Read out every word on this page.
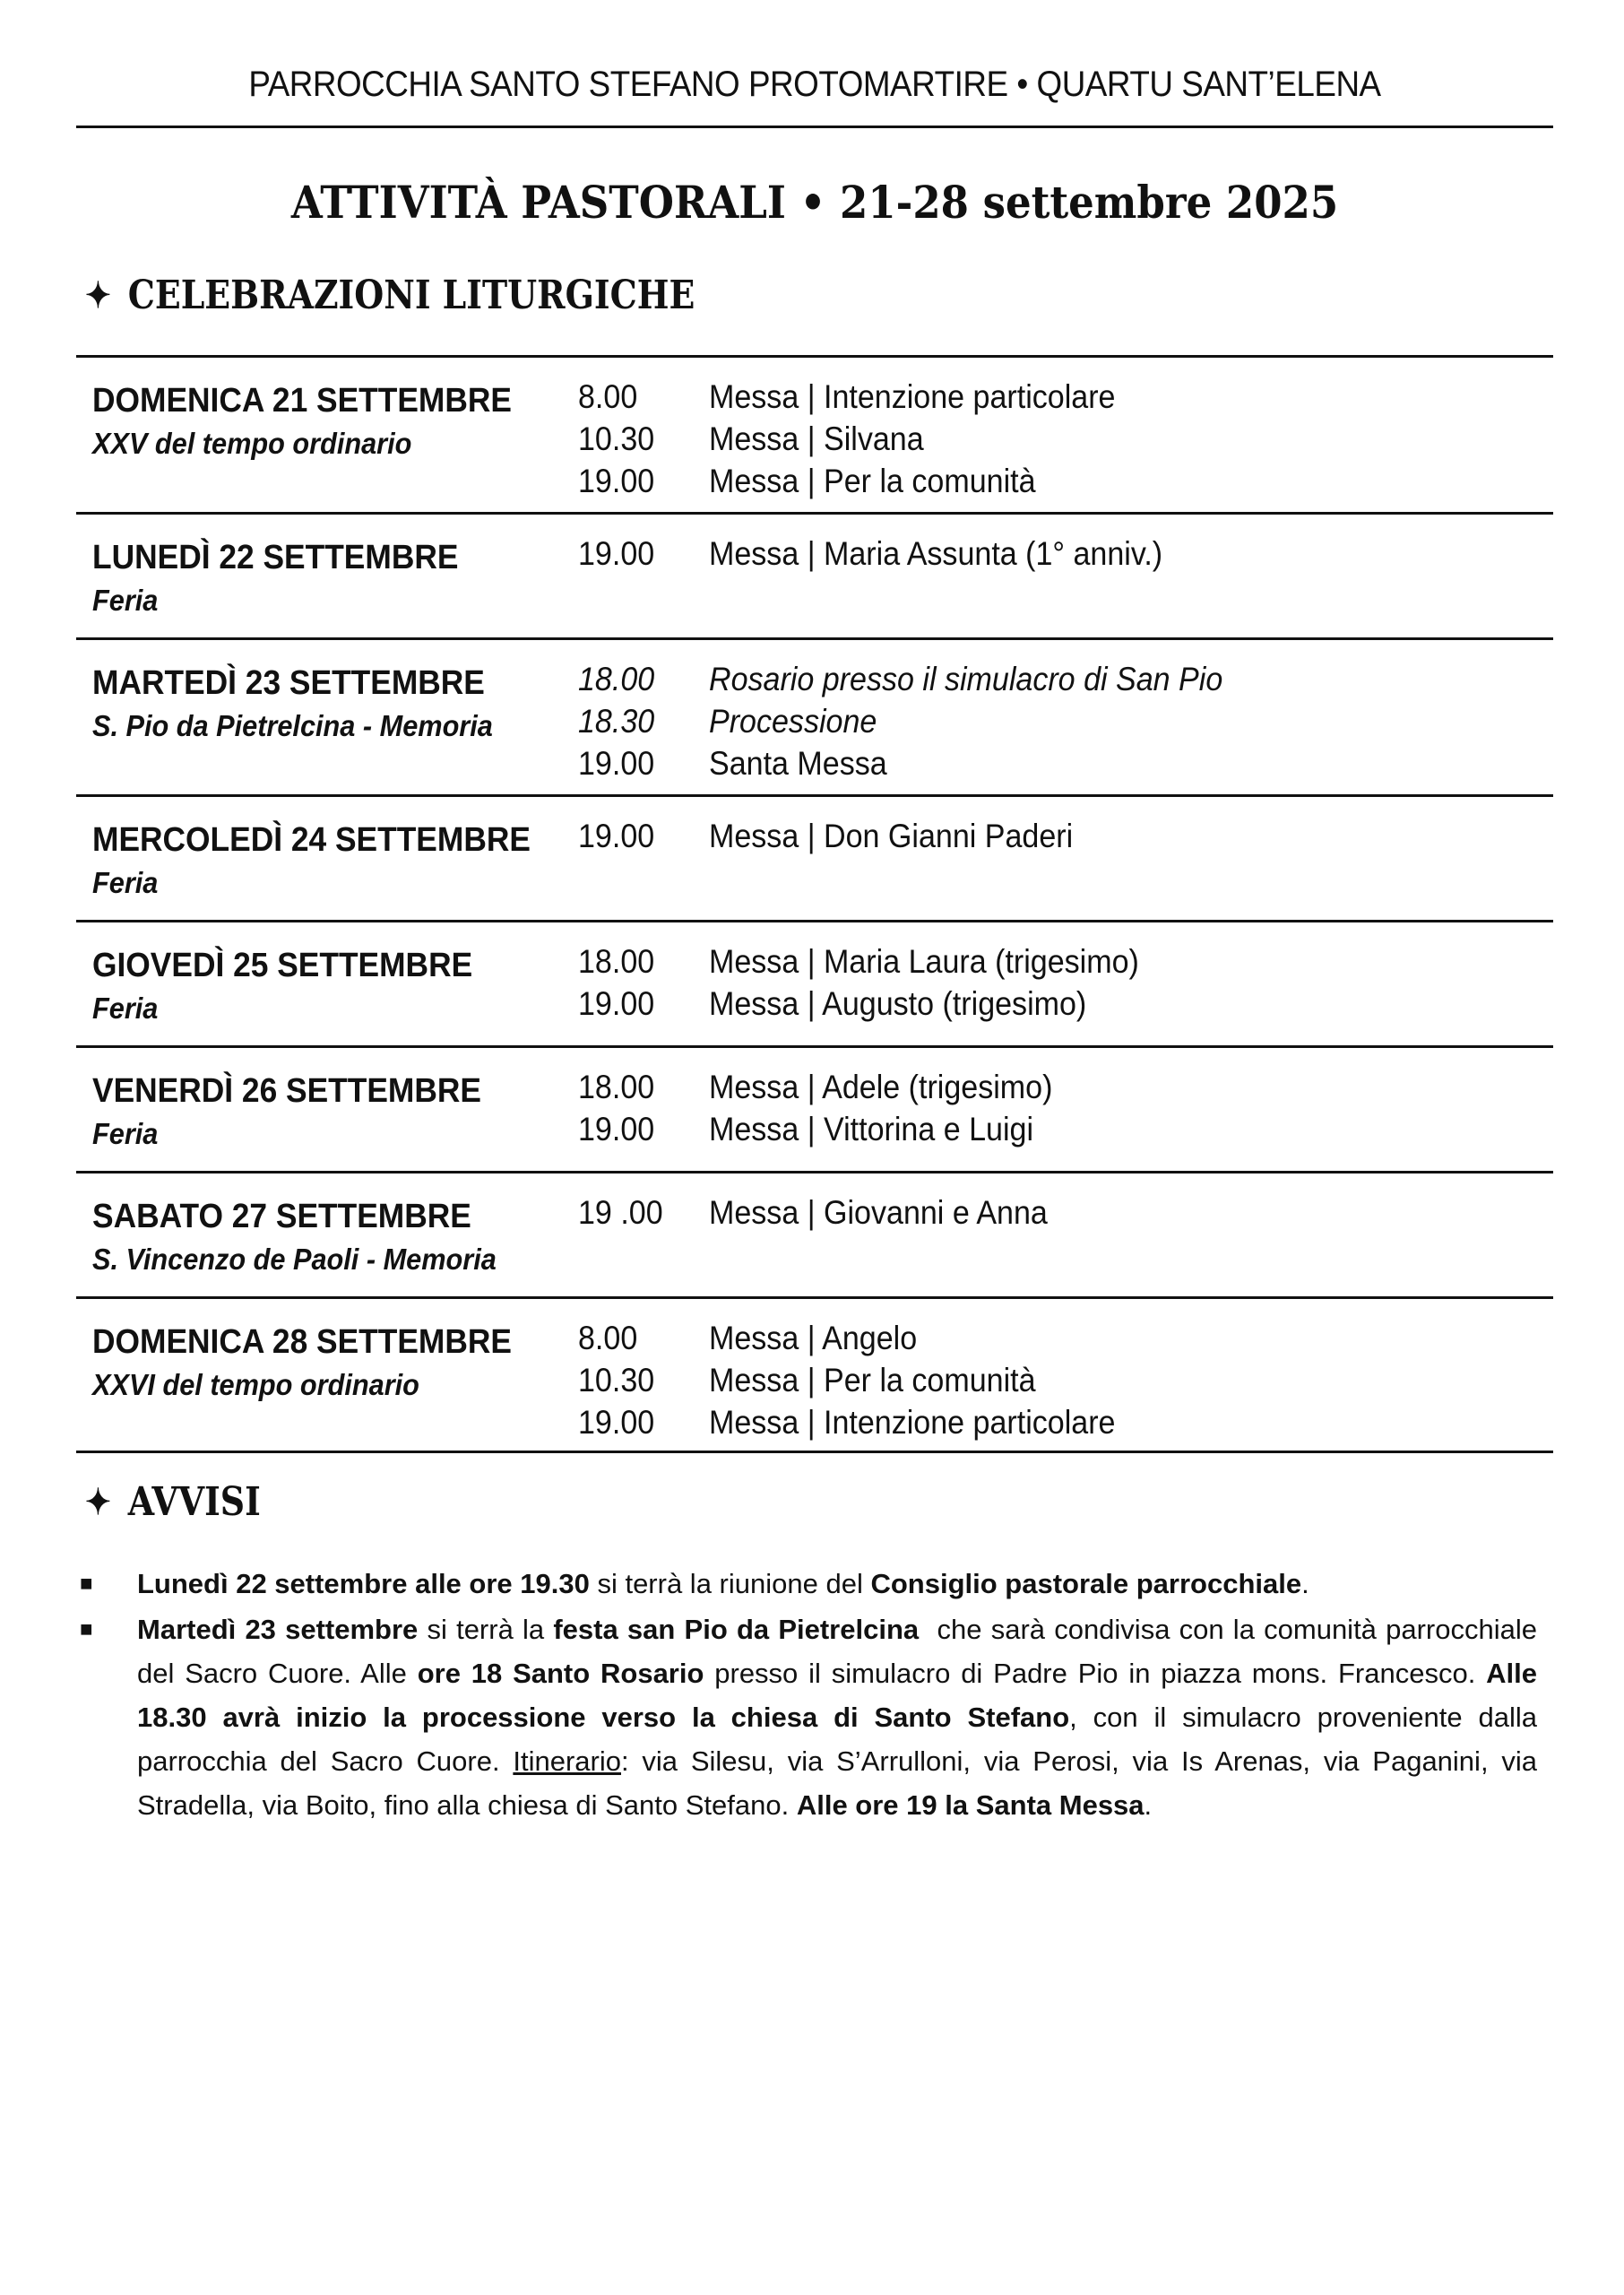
PARROCCHIA SANTO STEFANO PROTOMARTIRE • QUARTU SANT’ELENA
ATTIVITÀ PASTORALI • 21-28 settembre 2025
✦ CELEBRAZIONI LITURGICHE
DOMENICA 21 SETTEMBRE
XXV del tempo ordinario
8.00	Messa | Intenzione particolare
10.30	Messa | Silvana
19.00	Messa | Per la comunità
LUNEDÌ 22 SETTEMBRE
Feria
19.00	Messa | Maria Assunta (1° anniv.)
MARTEDÌ 23 SETTEMBRE
S. Pio da Pietrelcina - Memoria
18.00	Rosario presso il simulacro di San Pio
18.30	Processione
19.00	Santa Messa
MERCOLEDÌ 24 SETTEMBRE
Feria
19.00	Messa | Don Gianni Paderi
GIOVEDÌ 25 SETTEMBRE
Feria
18.00	Messa | Maria Laura (trigesimo)
19.00	Messa | Augusto (trigesimo)
VENERDÌ 26 SETTEMBRE
Feria
18.00	Messa | Adele (trigesimo)
19.00	Messa | Vittorina e Luigi
SABATO 27 SETTEMBRE
S. Vincenzo de Paoli - Memoria
19 .00	Messa | Giovanni e Anna
DOMENICA 28 SETTEMBRE
XXVI del tempo ordinario
8.00	Messa | Angelo
10.30	Messa | Per la comunità
19.00	Messa | Intenzione particolare
✦ AVVISI
■	Lunedì 22 settembre alle ore 19.30 si terrà la riunione del Consiglio pastorale parrocchiale.
■	Martedì 23 settembre si terrà la festa san Pio da Pietrelcina  che sarà condivisa con la comunità parrocchiale del Sacro Cuore. Alle ore 18 Santo Rosario presso il simulacro di Padre Pio in piazza mons. Francesco. Alle 18.30 avrà inizio la processione verso la chiesa di Santo Stefano, con il simulacro proveniente dalla parrocchia del Sacro Cuore. Itinerario: via Silesu, via S’Arrulloni, via Perosi, via Is Arenas, via Paganini, via Stradella, via Boito, fino alla chiesa di Santo Stefano. Alle ore 19 la Santa Messa.
